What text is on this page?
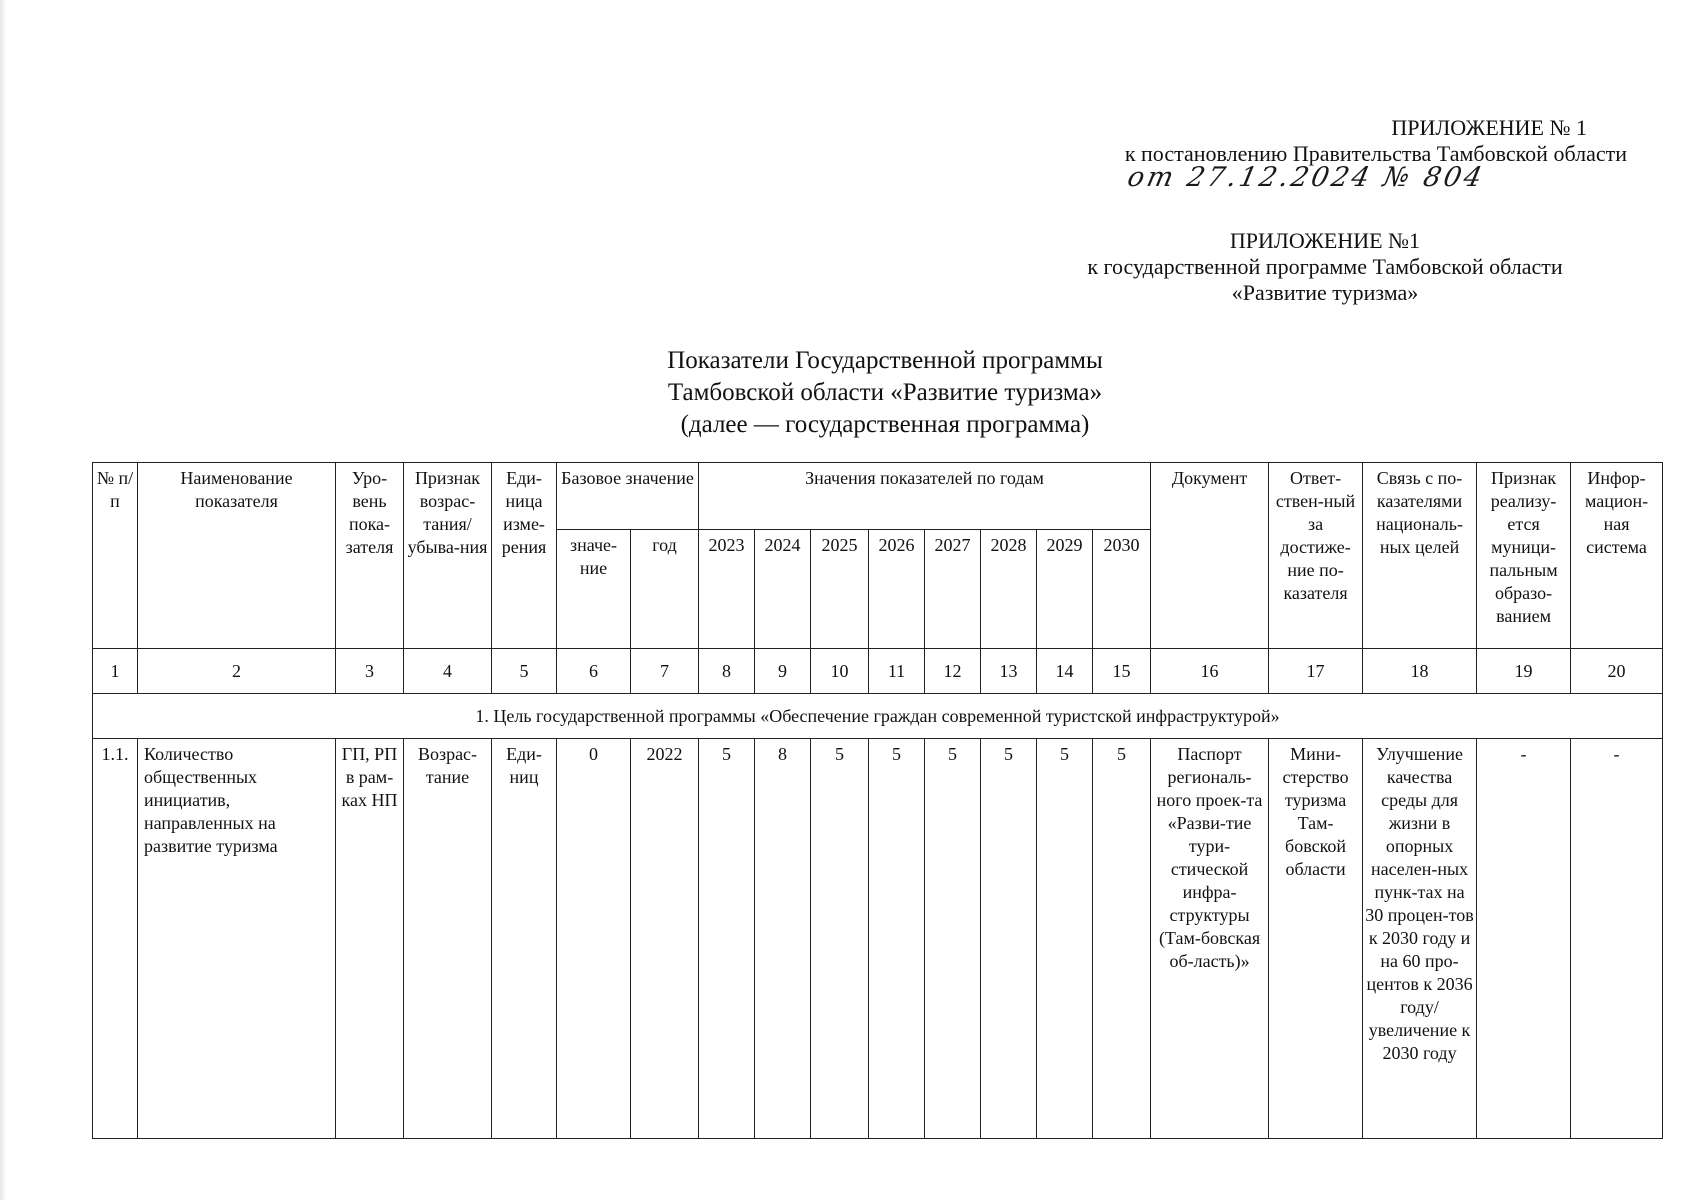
ПРИЛОЖЕНИЕ № 1
к постановлению Правительства Тамбовской области
от 27.12.2024 № 804
ПРИЛОЖЕНИЕ №1
к государственной программе Тамбовской области
«Развитие туризма»
Показатели Государственной программы
Тамбовской области «Развитие туризма»
(далее — государственная программа)
№ п/п	Наименование показателя	Уро-вень пока-зателя	Признак возрас-тания/ убыва-ния	Еди-ница изме-рения	Базовое значение		Значения показателей по годам								Документ	Ответ-ствен-ный за достиже-ние по-казателя	Связь с по-казателями националь-ных целей	Признак реализу-ется муници-пальным образо-ванием	Инфор-мацион-ная система
					значе-ние	год	2023	2024	2025	2026	2027	2028	2029	2030					
1	2	3	4	5	6	7	8	9	10	11	12	13	14	15	16	17	18	19	20
1. Цель государственной программы «Обеспечение граждан современной туристской инфраструктурой»																			
1.1.	Количество общественных инициатив, направленных на развитие туризма	ГП, РП в рам-ках НП	Возрас-тание	Еди-ниц	0	2022	5	8	5	5	5	5	5	5	Паспорт региональ-ного проек-та «Разви-тие тури-стической инфра-структуры (Там-бовская об-ласть)»	Мини-стерство туризма Там-бовской области	Улучшение качества среды для жизни в опорных населен-ных пунк-тах на 30 процен-тов к 2030 году и на 60 про-центов к 2036 году/ увеличение к 2030 году	-	-
